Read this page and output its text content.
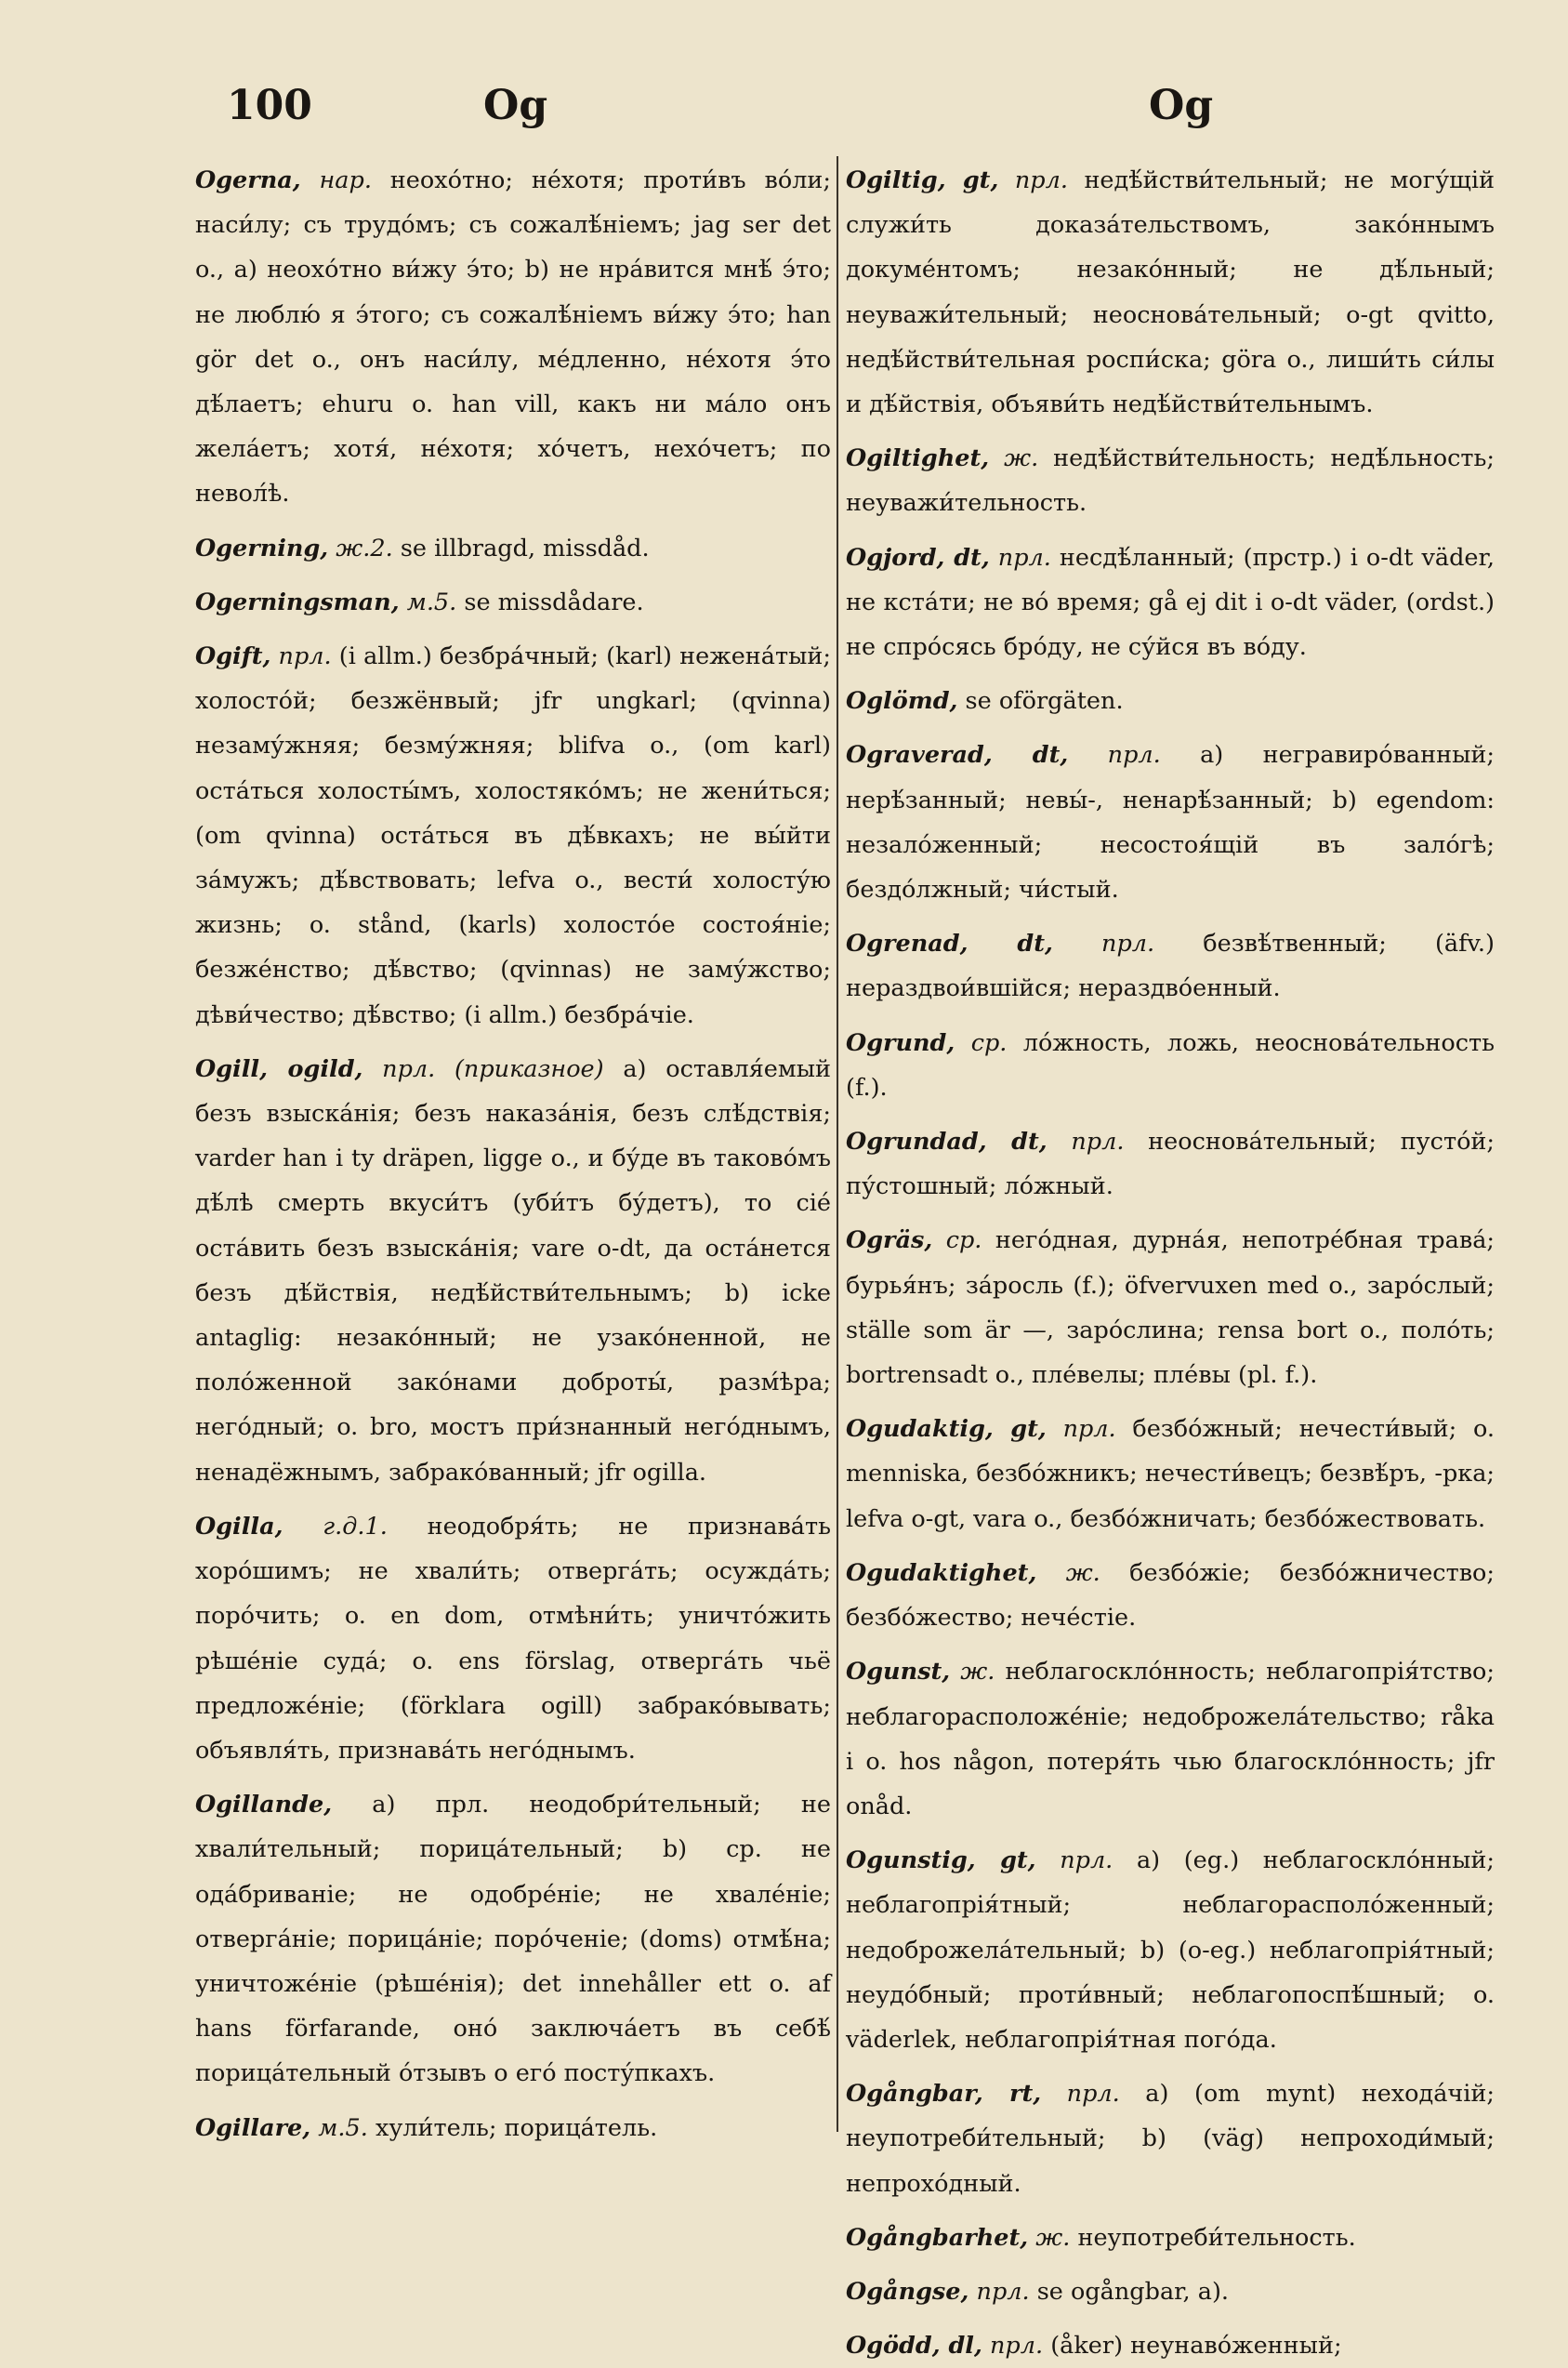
100	Og	Og
Ogerna, нар. неохо́тно; не́хотя; проти́въ во́ли; наси́лу; съ трудо́мъ; съ сожалѣ́ніемъ; jag ser det o., a) неохо́тно ви́жу э́то; b) не нра́вится мнѣ́ э́то; не люблю́ я э́того; съ сожалѣ́ніемъ ви́жу э́то; han gör det o., онъ наси́лу, ме́дленно, не́хотя э́то дѣ́лаетъ; ehuru o. han vill, какъ ни ма́ло онъ жела́етъ; хотя́, не́хотя; хо́четъ, нехо́четъ; по невол́ѣ.
Ogerning, ж.2. se illbragd, missdåd.
Ogerningsman, м.5. se missdådare.
Ogift, прл. (i allm.) безбра́чный; (karl) нежена́тый; холосто́й; безжёнвый; jfr ungkarl; (qvinna) незаму́жняя; безму́жняя; blifva o., (om karl) оста́ться холосты́мъ, холостяко́мъ; не жени́ться; (om qvinna) оста́ться въ дѣ́вкахъ; не вы́йти за́мужъ; дѣ́вствовать; lefva o., вести́ холосту́ю жизнь; o. stånd, (karls) холосто́е состоя́ніе; безже́нство; дѣ́вство; (qvinnas) не заму́жство; дѣви́чество; дѣ́вство; (i allm.) безбра́чіе.
Ogill, ogild, прл. (приказное) a) оставля́емый безъ взыска́нія; безъ наказа́нія, безъ слѣ́дствія; varder han i ty dräpen, ligge o., и бу́де въ таково́мъ дѣ́лѣ смерть вкуси́тъ (уби́тъ бу́детъ), то сіе́ оста́вить безъ взыска́нія; vare o-dt, да оста́нется безъ дѣ́йствія, недѣ́йстви́тельнымъ; b) icke antaglig: незако́нный; не узако́ненной, не поло́женной зако́нами доброты́, разм́ѣра; него́дный; o. bro, мостъ при́знанный него́днымъ, ненадёжнымъ, забрако́ванный; jfr ogilla.
Ogilla, г.д.1. неодобря́ть; не признава́ть хоро́шимъ; не хвали́ть; отверга́ть; осужда́ть; поро́чить; o. en dom, отмѣни́ть; уничто́жить рѣше́ніе суда́; o. ens förslag, отверга́ть чьё предложе́ніе; (förklara ogill) забрако́вывать; объявля́ть, признава́ть него́днымъ.
Ogillande, a) прл. неодобри́тельный; не хвали́тельный; порица́тельный; b) ср. не ода́бриваніе; не одобре́ніе; не хвале́ніе; отверга́ніе; порица́ніе; поро́ченіе; (doms) отмѣ́на; уничтоже́ніе (рѣше́нія); det innehåller ett o. af hans förfarande, оно́ заключа́етъ въ себѣ́ порица́тельный о́тзывъ о его́ посту́пкахъ.
Ogillare, м.5. хули́тель; порица́тель.
Ogiltig, gt, прл. недѣ́йстви́тельный; не могу́щій служи́ть доказа́тельствомъ, зако́ннымъ докуме́нтомъ; незако́нный; не дѣ́льный; неуважи́тельный; неоснова́тельный; o-gt qvitto, недѣ́йстви́тельная роспи́ска; göra o., лиши́ть си́лы и дѣ́йствія, объяви́ть недѣ́йстви́тельнымъ.
Ogiltighet, ж. недѣ́йстви́тельность; недѣ́льность; неуважи́тельность.
Ogjord, dt, прл. несдѣ́ланный; (прстр.) i o-dt väder, не кста́ти; не во́ время; gå ej dit i o-dt väder, (ordst.) не спро́сясь бро́ду, не су́йся въ во́ду.
Oglömd, se oförgäten.
Ograverad, dt, прл. a) негравиро́ванный; нерѣ́занный; невы́-, ненарѣ́занный; b) egendom: незало́женный; несостоя́щій въ зало́гѣ; бездо́лжный; чи́стый.
Ogrenad, dt, прл. безвѣ́твенный; (äfv.) нераздвои́вшійся; нераздво́енный.
Ogrund, ср. ло́жность, ложь, неоснова́тельность (f.).
Ogrundad, dt, прл. неоснова́тельный; пусто́й; пу́стошный; ло́жный.
Ogräs, ср. него́дная, дурна́я, непотре́бная трава́; бурья́нъ; за́росль (f.); öfvervuxen med o., заро́слый; ställe som är —, заро́слина; rensa bort o., поло́ть; bortrensadt o., пле́велы; пле́вы (pl. f.).
Ogudaktig, gt, прл. безбо́жный; нечести́вый; o. menniska, безбо́жникъ; нечести́вецъ; безвѣ́ръ, -рка; lefva o-gt, vara o., безбо́жничать; безбо́жествовать.
Ogudaktighet, ж. безбо́жіе; безбо́жничество; безбо́жество; нече́стіе.
Ogunst, ж. неблагоскло́нность; неблагопрія́тство; неблагорасположе́ніе; недоброжела́тельство; råka i o. hos någon, потеря́ть чью благоскло́нность; jfr onåd.
Ogunstig, gt, прл. a) (eg.) неблагоскло́нный; неблагопрія́тный; неблагорасполо́женный; недоброжела́тельный; b) (o-eg.) неблагопрія́тный; неудо́бный; проти́вный; неблагопоспѣ́шный; o. väderlek, неблагопрія́тная пого́да.
Ogångbar, rt, прл. a) (om mynt) нехода́чій; неупотреби́тельный; b) (väg) непроходи́мый; непрохо́дный.
Ogångbarhet, ж. неупотреби́тельность.
Ogångse, прл. se ogångbar, a).
Ogödd, dl, прл. (åker) неунаво́женный;
